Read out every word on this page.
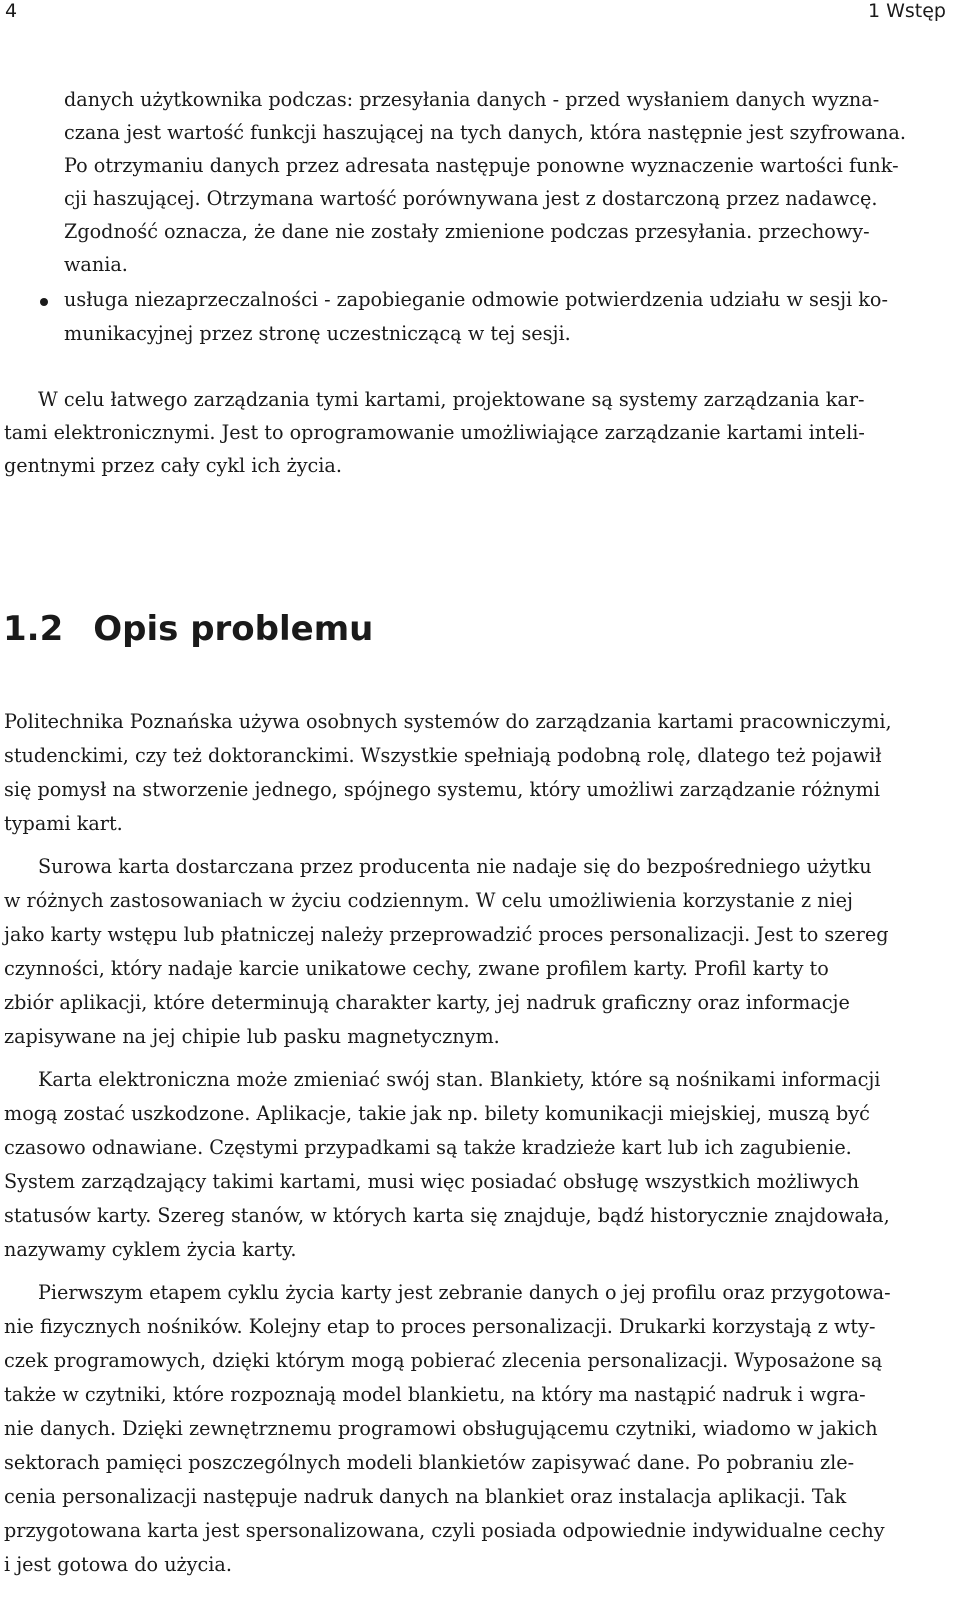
4	1 Wstęp
danych użytkownika podczas: przesyłania danych - przed wysłaniem danych wyzna-
czana jest wartość funkcji haszującej na tych danych, która następnie jest szyfrowana.
Po otrzymaniu danych przez adresata następuje ponowne wyznaczenie wartości funk-
cji haszującej. Otrzymana wartość porównywana jest z dostarczoną przez nadawcę.
Zgodność oznacza, że dane nie zostały zmienione podczas przesyłania. przechowy-
wania.
usługa niezaprzeczalności - zapobieganie odmowie potwierdzenia udziału w sesji ko-
munikacyjnej przez stronę uczestniczącą w tej sesji.
W celu łatwego zarządzania tymi kartami, projektowane są systemy zarządzania kar-
tami elektronicznymi. Jest to oprogramowanie umożliwiające zarządzanie kartami inteli-
gentnymi przez cały cykl ich życia.
1.2 Opis problemu
Politechnika Poznańska używa osobnych systemów do zarządzania kartami pracowniczymi,
studenckimi, czy też doktoranckimi. Wszystkie spełniają podobną rolę, dlatego też pojawił
się pomysł na stworzenie jednego, spójnego systemu, który umożliwi zarządzanie różnymi
typami kart.
Surowa karta dostarczana przez producenta nie nadaje się do bezpośredniego użytku
w różnych zastosowaniach w życiu codziennym. W celu umożliwienia korzystanie z niej
jako karty wstępu lub płatniczej należy przeprowadzić proces personalizacji. Jest to szereg
czynności, który nadaje karcie unikatowe cechy, zwane profilem karty. Profil karty to
zbiór aplikacji, które determinują charakter karty, jej nadruk graficzny oraz informacje
zapisywane na jej chipie lub pasku magnetycznym.
Karta elektroniczna może zmieniać swój stan. Blankiety, które są nośnikami informacji
mogą zostać uszkodzone. Aplikacje, takie jak np. bilety komunikacji miejskiej, muszą być
czasowo odnawiane. Częstymi przypadkami są także kradzieże kart lub ich zagubienie.
System zarządzający takimi kartami, musi więc posiadać obsługę wszystkich możliwych
statusów karty. Szereg stanów, w których karta się znajduje, bądź historycznie znajdowała,
nazywamy cyklem życia karty.
Pierwszym etapem cyklu życia karty jest zebranie danych o jej profilu oraz przygotowa-
nie fizycznych nośników. Kolejny etap to proces personalizacji. Drukarki korzystają z wty-
czek programowych, dzięki którym mogą pobierać zlecenia personalizacji. Wyposażone są
także w czytniki, które rozpoznają model blankietu, na który ma nastąpić nadruk i wgra-
nie danych. Dzięki zewnętrznemu programowi obsługującemu czytniki, wiadomo w jakich
sektorach pamięci poszczególnych modeli blankietów zapisywać dane. Po pobraniu zle-
cenia personalizacji następuje nadruk danych na blankiet oraz instalacja aplikacji. Tak
przygotowana karta jest spersonalizowana, czyli posiada odpowiednie indywidualne cechy
i jest gotowa do użycia.
